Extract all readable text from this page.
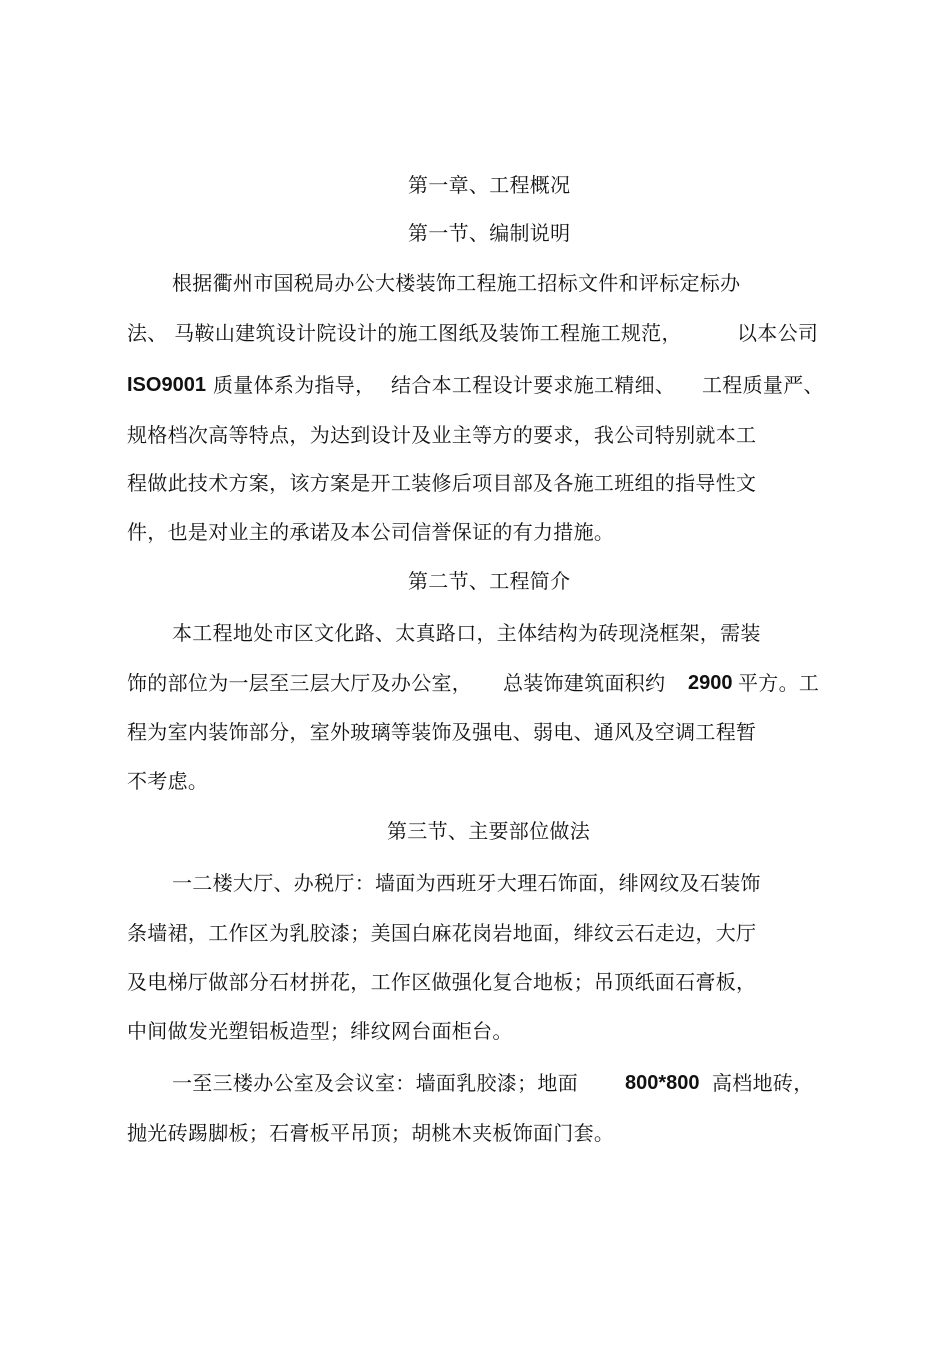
第一章、工程概况
第一节、编制说明
根据衢州市国税局办公大楼装饰工程施工招标文件和评标定标办
法、 马鞍山建筑设计院设计的施工图纸及装饰工程施工规范，	以本公司
ISO9001 质量体系为指导， 结合本工程设计要求施工精细、 工程质量严、
规格档次高等特点，为达到设计及业主等方的要求，我公司特别就本工
程做此技术方案，该方案是开工装修后项目部及各施工班组的指导性文
件，也是对业主的承诺及本公司信誉保证的有力措施。
第二节、工程简介
本工程地处市区文化路、太真路口，主体结构为砖现浇框架，需装
饰的部位为一层至三层大厅及办公室， 总装饰建筑面积约 2900 平方。工
程为室内装饰部分，室外玻璃等装饰及强电、弱电、通风及空调工程暂
不考虑。
第三节、主要部位做法
一二楼大厅、办税厅：墙面为西班牙大理石饰面，绯网纹及石装饰
条墙裙，工作区为乳胶漆；美国白麻花岗岩地面，绯纹云石走边，大厅
及电梯厅做部分石材拼花，工作区做强化复合地板；吊顶纸面石膏板，
中间做发光塑铝板造型；绯纹网台面柜台。
一至三楼办公室及会议室：墙面乳胶漆；地面 800*800 高档地砖，
抛光砖踢脚板；石膏板平吊顶；胡桃木夹板饰面门套。
